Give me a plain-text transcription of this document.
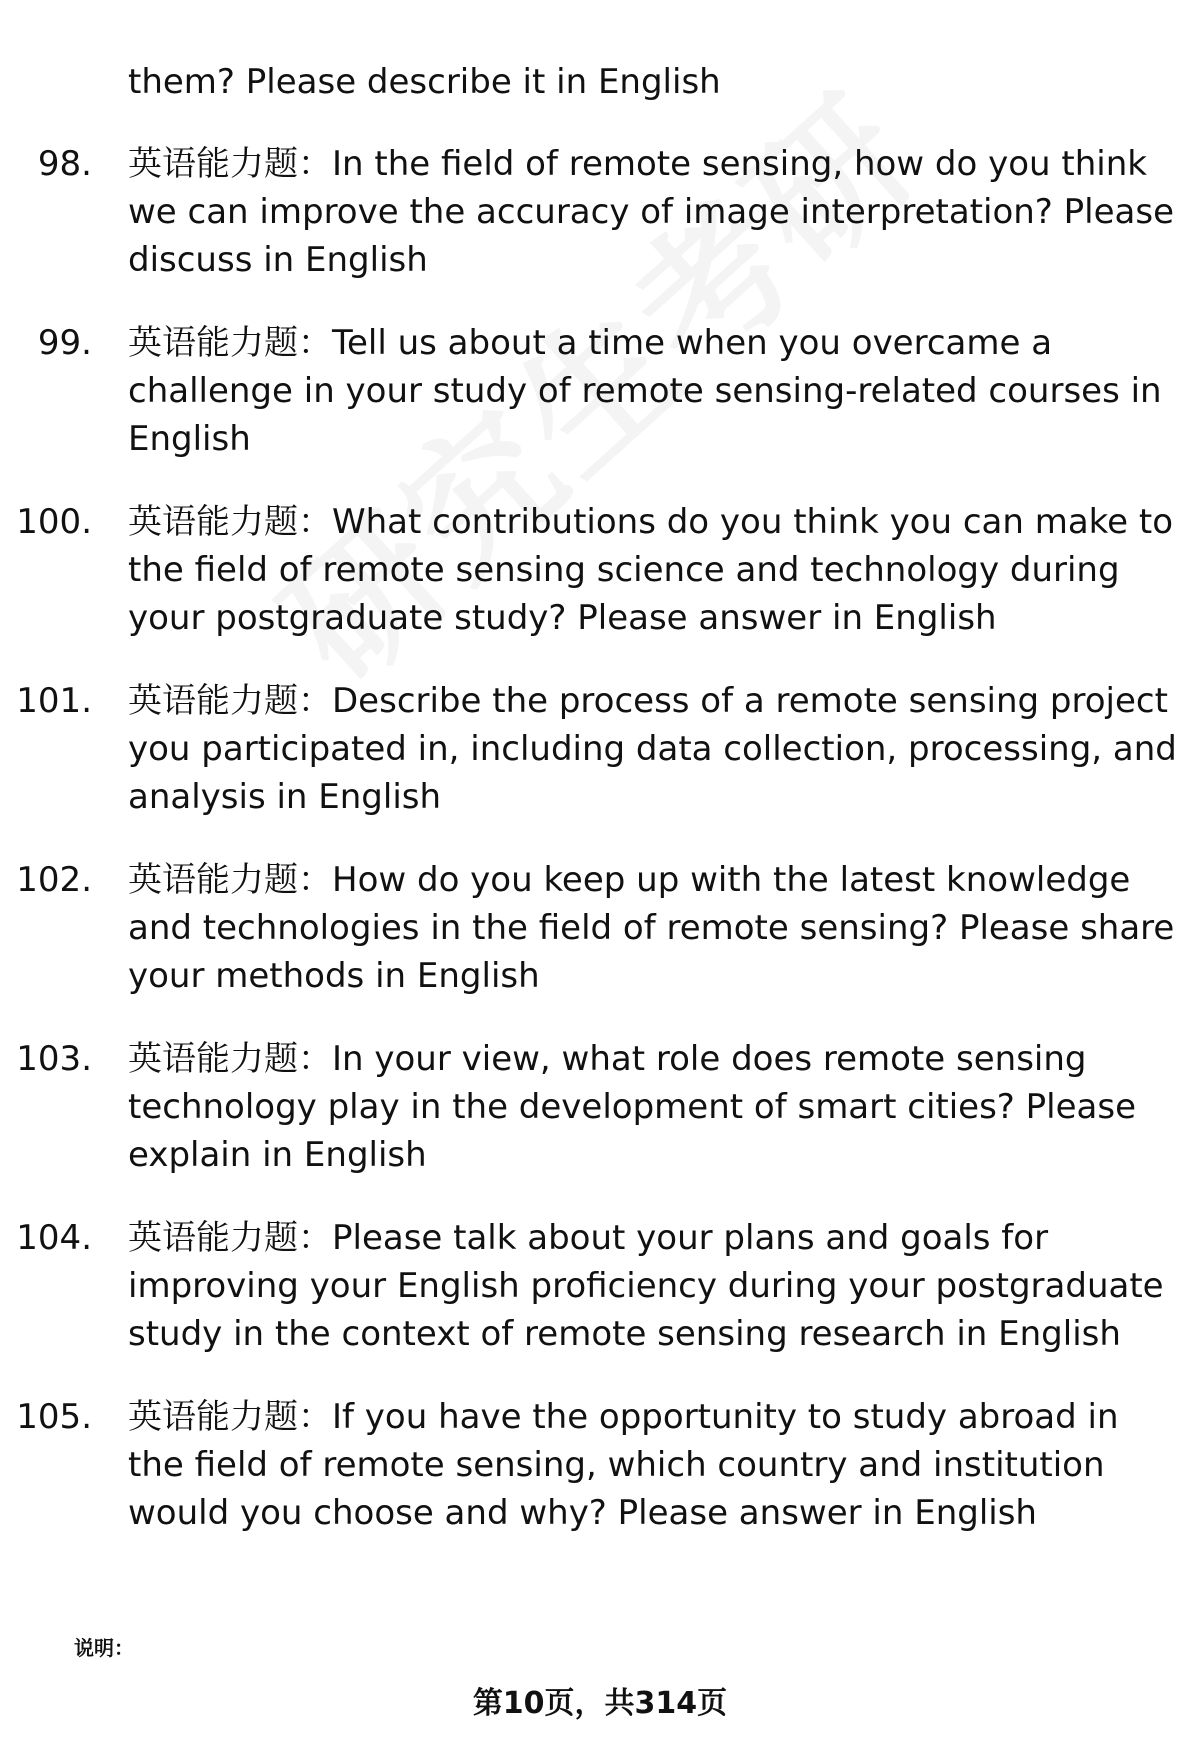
them? Please describe it in English
98.	英语能力题：In the field of remote sensing, how do you think we can improve the accuracy of image interpretation? Please discuss in English
99.	英语能力题：Tell us about a time when you overcame a challenge in your study of remote sensing-related courses in English
100.	英语能力题：What contributions do you think you can make to the field of remote sensing science and technology during your postgraduate study? Please answer in English
101.	英语能力题：Describe the process of a remote sensing project you participated in, including data collection, processing, and analysis in English
102.	英语能力题：How do you keep up with the latest knowledge and technologies in the field of remote sensing? Please share your methods in English
103.	英语能力题：In your view, what role does remote sensing technology play in the development of smart cities? Please explain in English
104.	英语能力题：Please talk about your plans and goals for improving your English proficiency during your postgraduate study in the context of remote sensing research in English
105.	英语能力题：If you have the opportunity to study abroad in the field of remote sensing, which country and institution would you choose and why? Please answer in English
说明：
第10页，共314页
